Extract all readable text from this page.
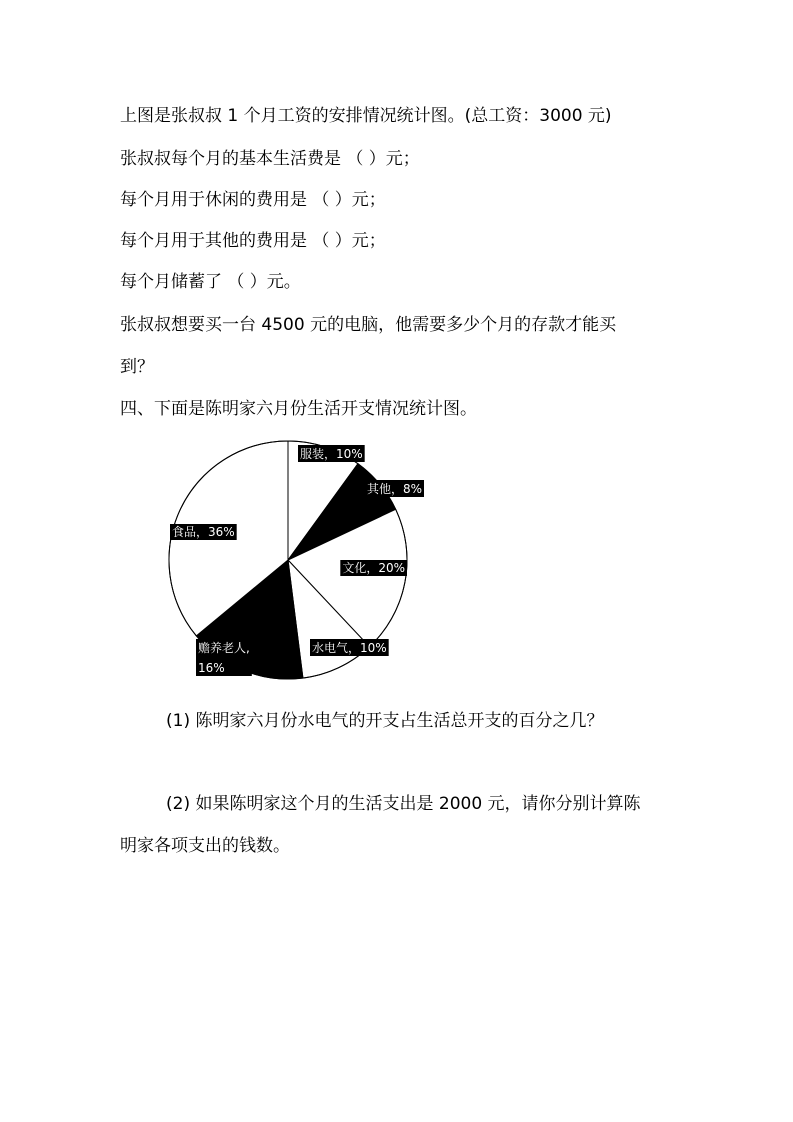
上图是张叔叔 1 个月工资的安排情况统计图。(总工资：3000 元)
张叔叔每个月的基本生活费是 （ ）元；
每个月用于休闲的费用是 （ ）元；
每个月用于其他的费用是 （ ）元；
每个月储蓄了 （ ）元。
张叔叔想要买一台 4500 元的电脑，他需要多少个月的存款才能买
到？
四、下面是陈明家六月份生活开支情况统计图。
服装，10%
其他，8%
文化，20%
水电气，10%
赡养老人,
16%
食品，36%
(1) 陈明家六月份水电气的开支占生活总开支的百分之几？
(2) 如果陈明家这个月的生活支出是 2000 元，请你分别计算陈
明家各项支出的钱数。
